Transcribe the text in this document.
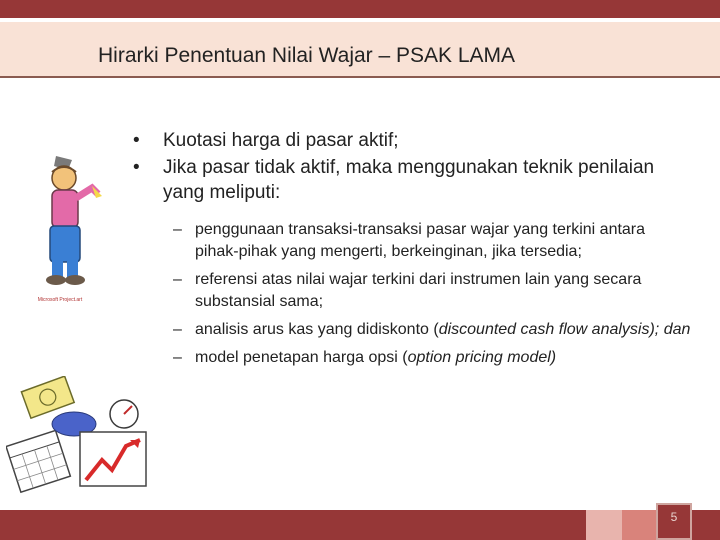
Hirarki Penentuan Nilai Wajar – PSAK LAMA
Microsoft Project.art
• Kuotasi harga di pasar aktif;
• Jika pasar tidak aktif, maka menggunakan teknik penilaian yang meliputi:
– penggunaan transaksi-transaksi pasar wajar yang terkini antara pihak-pihak yang mengerti, berkeinginan, jika tersedia;
– referensi atas nilai wajar terkini dari instrumen lain yang secara substansial sama;
– analisis arus kas yang didiskonto (discounted cash flow analysis); dan
– model penetapan harga opsi (option pricing model)
5
